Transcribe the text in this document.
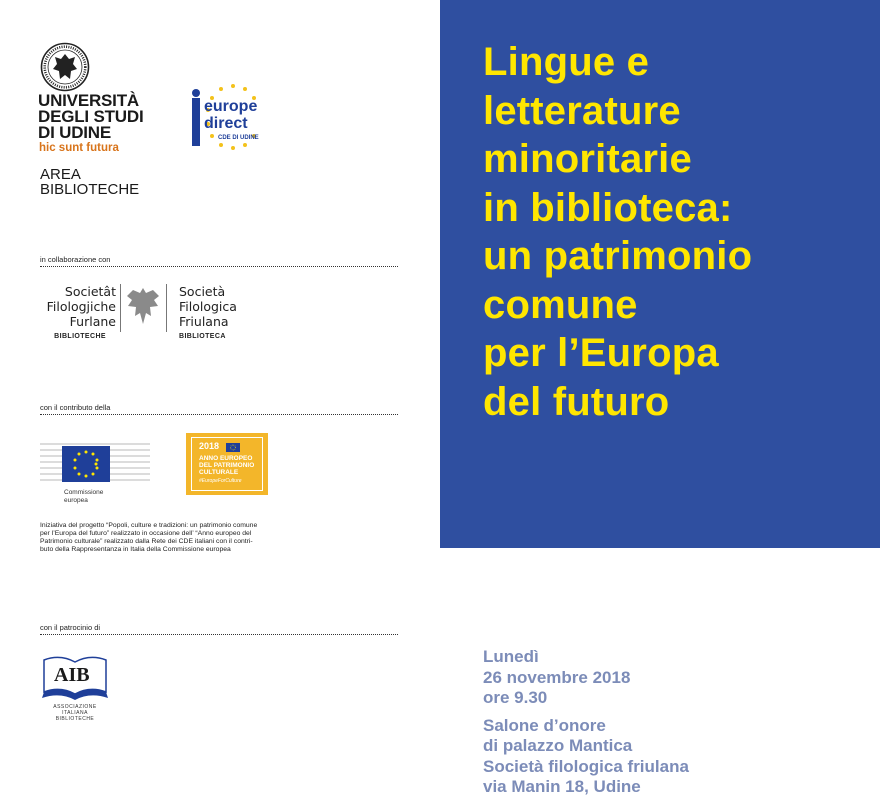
UNIVERSITÀ
DEGLI STUDI
DI UDINE
hic sunt futura
AREA
BIBLIOTECHE
europe
direct
CDE DI UDINE
in collaborazione con
Societât
Filologjiche
Furlane
BIBLIOTECHE
Società
Filologica
Friulana
BIBLIOTECA
con il contributo della
Commissione
europea
2018
ANNO EUROPEO
DEL PATRIMONIO
CULTURALE
#EuropeForCulture
Iniziativa del progetto “Popoli, culture e tradizioni: un patrimonio comune
per l’Europa del futuro” realizzato in occasione dell’ “Anno europeo del
Patrimonio culturale” realizzato dalla Rete dei CDE italiani con il contri-
buto della Rappresentanza in Italia della Commissione europea
con il patrocinio di
AIB
ASSOCIAZIONE
ITALIANA
BIBLIOTECHE
Lingue e
letterature
minoritarie
in biblioteca:
un patrimonio
comune
per l’Europa
del futuro
Lunedì
26 novembre 2018
ore 9.30
Salone d’onore
di palazzo Mantica
Società filologica friulana
via Manin 18, Udine
